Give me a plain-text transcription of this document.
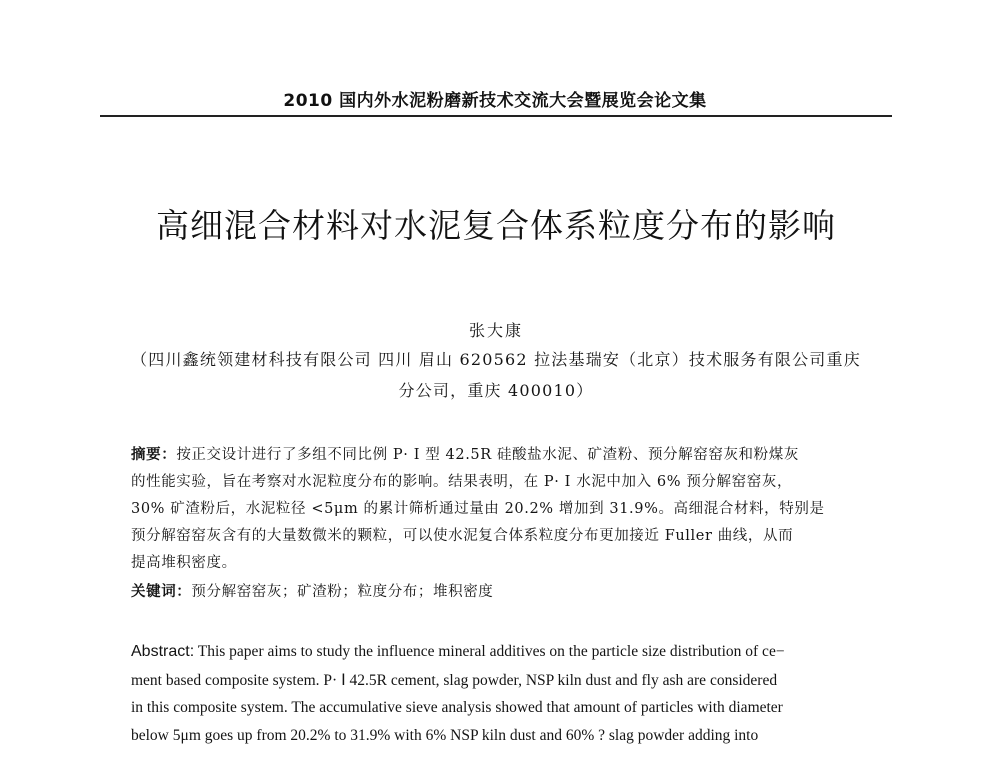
2010 国内外水泥粉磨新技术交流大会暨展览会论文集
高细混合材料对水泥复合体系粒度分布的影响
张大康
（四川鑫统领建材科技有限公司 四川 眉山 620562 拉法基瑞安（北京）技术服务有限公司重庆
分公司，重庆 400010）
摘要：按正交设计进行了多组不同比例 P· Ⅰ 型 42.5R 硅酸盐水泥、矿渣粉、预分解窑窑灰和粉煤灰
的性能实验，旨在考察对水泥粒度分布的影响。结果表明，在 P· Ⅰ 水泥中加入 6% 预分解窑窑灰，
30% 矿渣粉后，水泥粒径 <5μm 的累计筛析通过量由 20.2% 增加到 31.9%。高细混合材料，特别是
预分解窑窑灰含有的大量数微米的颗粒，可以使水泥复合体系粒度分布更加接近 Fuller 曲线，从而
提高堆积密度。
关键词：预分解窑窑灰；矿渣粉；粒度分布；堆积密度
Abstract: This paper aims to study the influence mineral additives on the particle size distribution of ce−
ment based composite system. P· Ⅰ 42.5R cement, slag powder, NSP kiln dust and fly ash are considered
in this composite system. The accumulative sieve analysis showed that amount of particles with diameter
below 5μm goes up from 20.2% to 31.9% with 6% NSP kiln dust and 60% ? slag powder adding into
